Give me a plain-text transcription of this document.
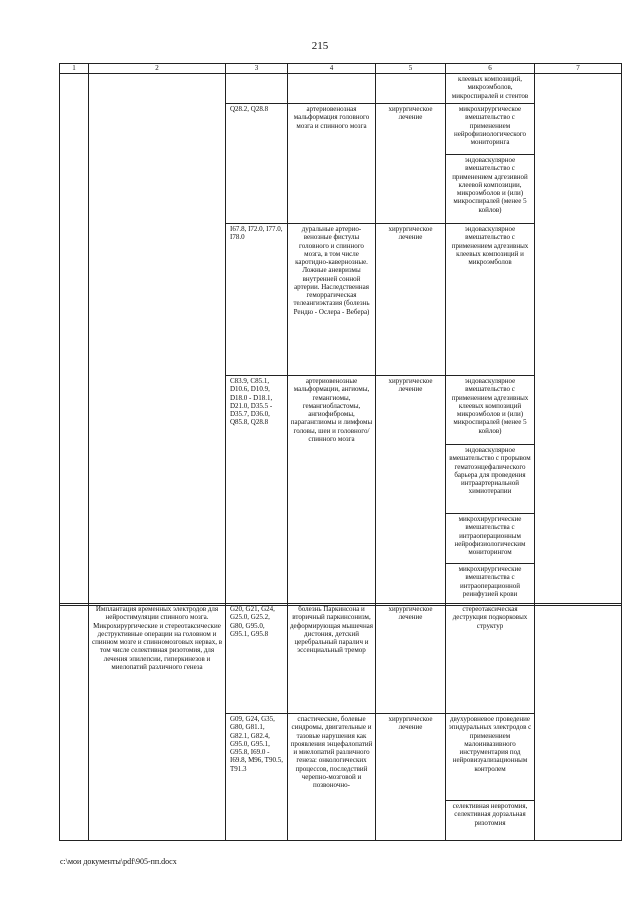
215
1	2	3	4	5	6	7
					клеевых композиций, микроэмболов, микроспиралей и стентов	
		Q28.2, Q28.8	артериовенозная мальформация головного мозга и спинного мозга	хирургическое лечение	микрохирургическое вмешательство с применением нейрофизиологического мониторинга	
					эндоваскулярное вмешательство с применением адгезивной клеевой композиции, микроэмболов и (или) микроспиралей (менее 5 койлов)	
		I67.8, I72.0, I77.0, I78.0	дуральные артерио-венозные фистулы головного и спинного мозга, в том числе каротидно-кавернозные. Ложные аневризмы внутренней сонной артерии. Наследственная геморрагическая телеангиэктазия (болезнь Рендю - Ослера - Вебера)	хирургическое лечение	эндоваскулярное вмешательство с применением адгезивных клеевых композиций и микроэмболов	
		C83.9, C85.1, D10.6, D10.9, D18.0 - D18.1, D21.0, D35.5 - D35.7, D36.0, Q85.8, Q28.8	артериовенозные мальформации, ангиомы, гемангиомы, гемангиобластомы, ангиофибромы, параганглиомы и лимфомы головы, шеи и головного/спинного мозга	хирургическое лечение	эндоваскулярное вмешательство с применением адгезивных клеевых композиций микроэмболов и (или) микроспиралей (менее 5 койлов)	
					эндоваскулярное вмешательство с прорывом гематоэнцефалического барьера для проведения интраартериальной химиотерапии	
					микрохирургические вмешательства с интраоперационным нейрофизиологическим мониторингом	
					микрохирургические вмешательства с интраоперационной реинфузией крови	
	Имплантация временных электродов для нейростимуляции спинного мозга. Микрохирургические и стереотаксические деструктивные операции на головном и спинном мозге и спинномозговых нервах, в том числе селективная ризотомия, для лечения эпилепсии, гиперкинезов и миелопатий различного генеза	G20, G21, G24, G25.0, G25.2, G80, G95.0, G95.1, G95.8	болезнь Паркинсона и вторичный паркинсонизм, деформирующая мышечная дистония, детский церебральный паралич и эссенциальный тремор	хирургическое лечение	стереотаксическая деструкция подкорковых структур	
		G09, G24, G35, G80, G81.1, G82.1, G82.4, G95.0, G95.1, G95.8, I69.0 - I69.8, M96, T90.5, T91.3	спастические, болевые синдромы, двигательные и тазовые нарушения как проявления энцефалопатий и миелопатий различного генеза: онкологических процессов, последствий черепно-мозговой и позвоночно-	хирургическое лечение	двухуровневое проведение эпидуральных электродов с применением малоинвазивного инструментария под нейровизуализационным контролем	
					селективная невротомия, селективная дорзальная ризотомия	
c:\мои документы\pdf\905-пп.docx
